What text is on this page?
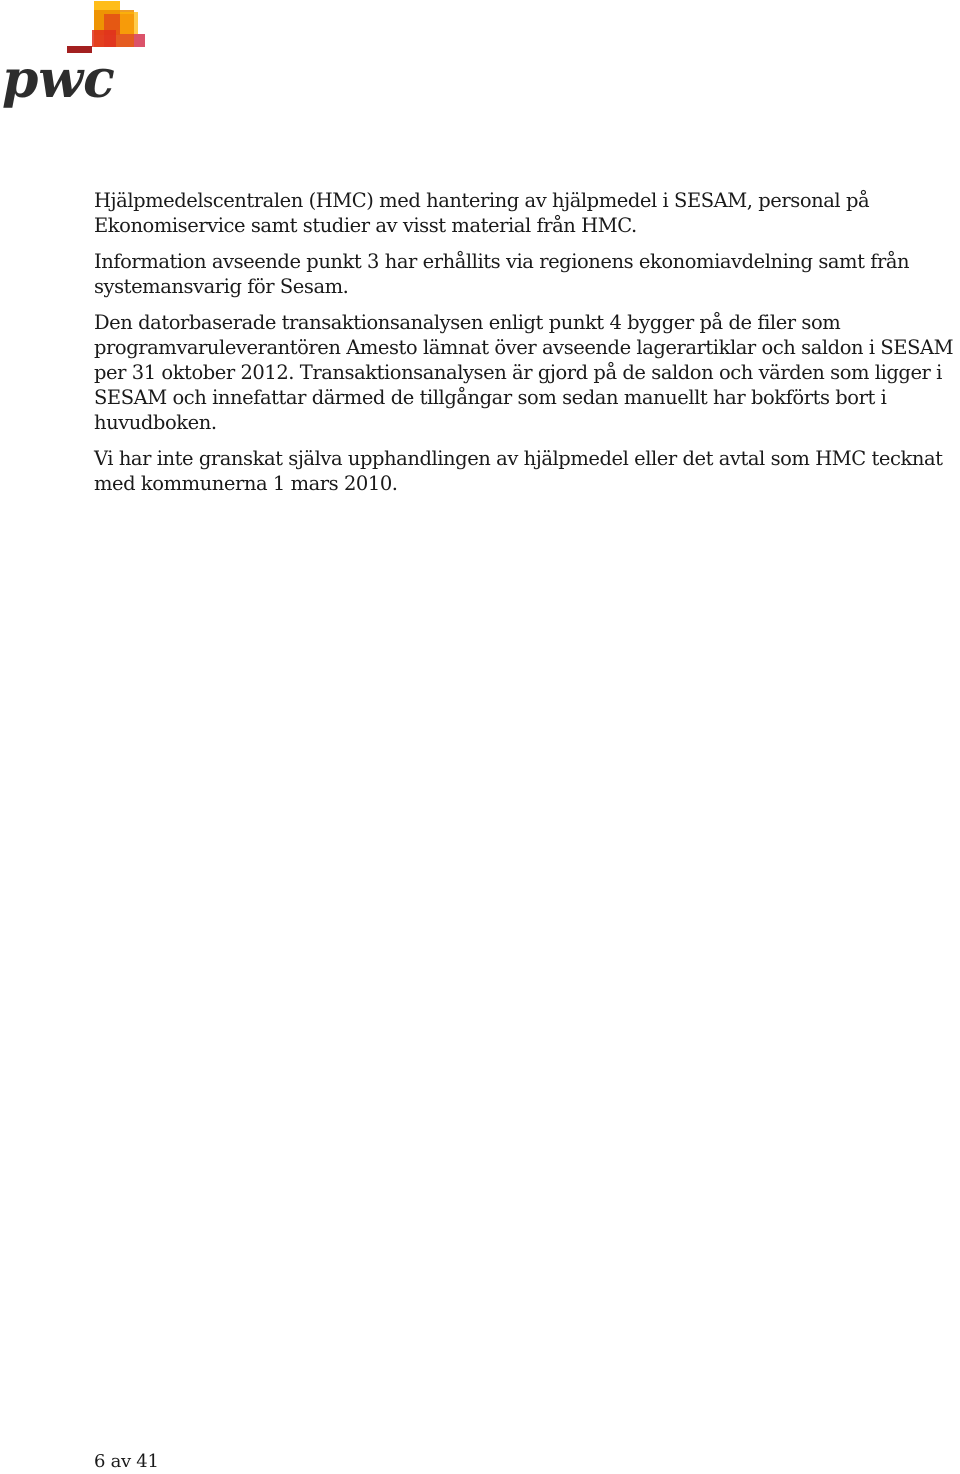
pwc

Hjälpmedelscentralen (HMC) med hantering av hjälpmedel i SESAM, personal på Ekonomiservice samt studier av visst material från HMC.

Information avseende punkt 3 har erhållits via regionens ekonomiavdelning samt från systemansvarig för Sesam.

Den datorbaserade transaktionsanalysen enligt punkt 4 bygger på de filer som programvaruleverantören Amesto lämnat över avseende lagerartiklar och saldon i SESAM per 31 oktober 2012. Transaktionsanalysen är gjord på de saldon och värden som ligger i SESAM och innefattar därmed de tillgångar som sedan manuellt har bokförts bort i huvudboken.

Vi har inte granskat själva upphandlingen av hjälpmedel eller det avtal som HMC tecknat med kommunerna 1 mars 2010.

6 av 41
